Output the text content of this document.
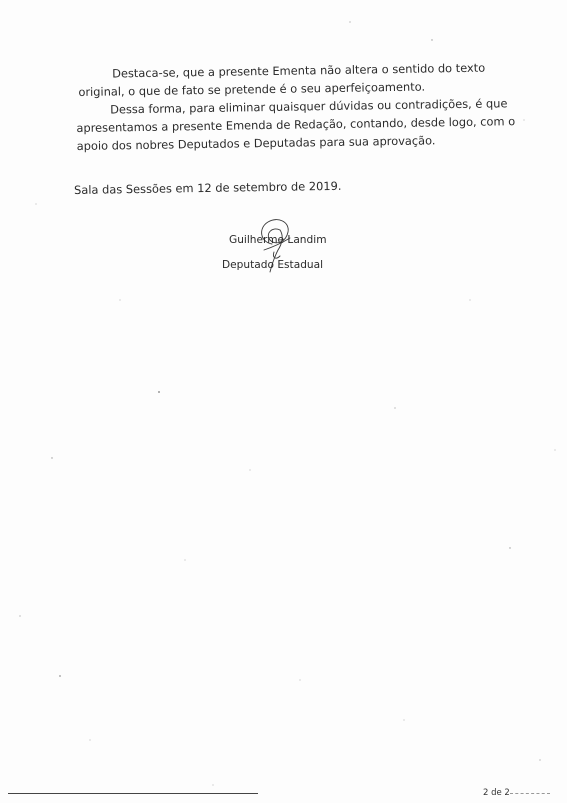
Destaca-se, que a presente Ementa não altera o sentido do texto
original, o que de fato se pretende é o seu aperfeiçoamento.

Dessa forma, para eliminar quaisquer dúvidas ou contradições, é que
apresentamos a presente Emenda de Redação, contando, desde logo, com o
apoio dos nobres Deputados e Deputadas para sua aprovação.

Sala das Sessões em 12 de setembro de 2019.
Guilherme Landim
Deputado Estadual
2 de 2
